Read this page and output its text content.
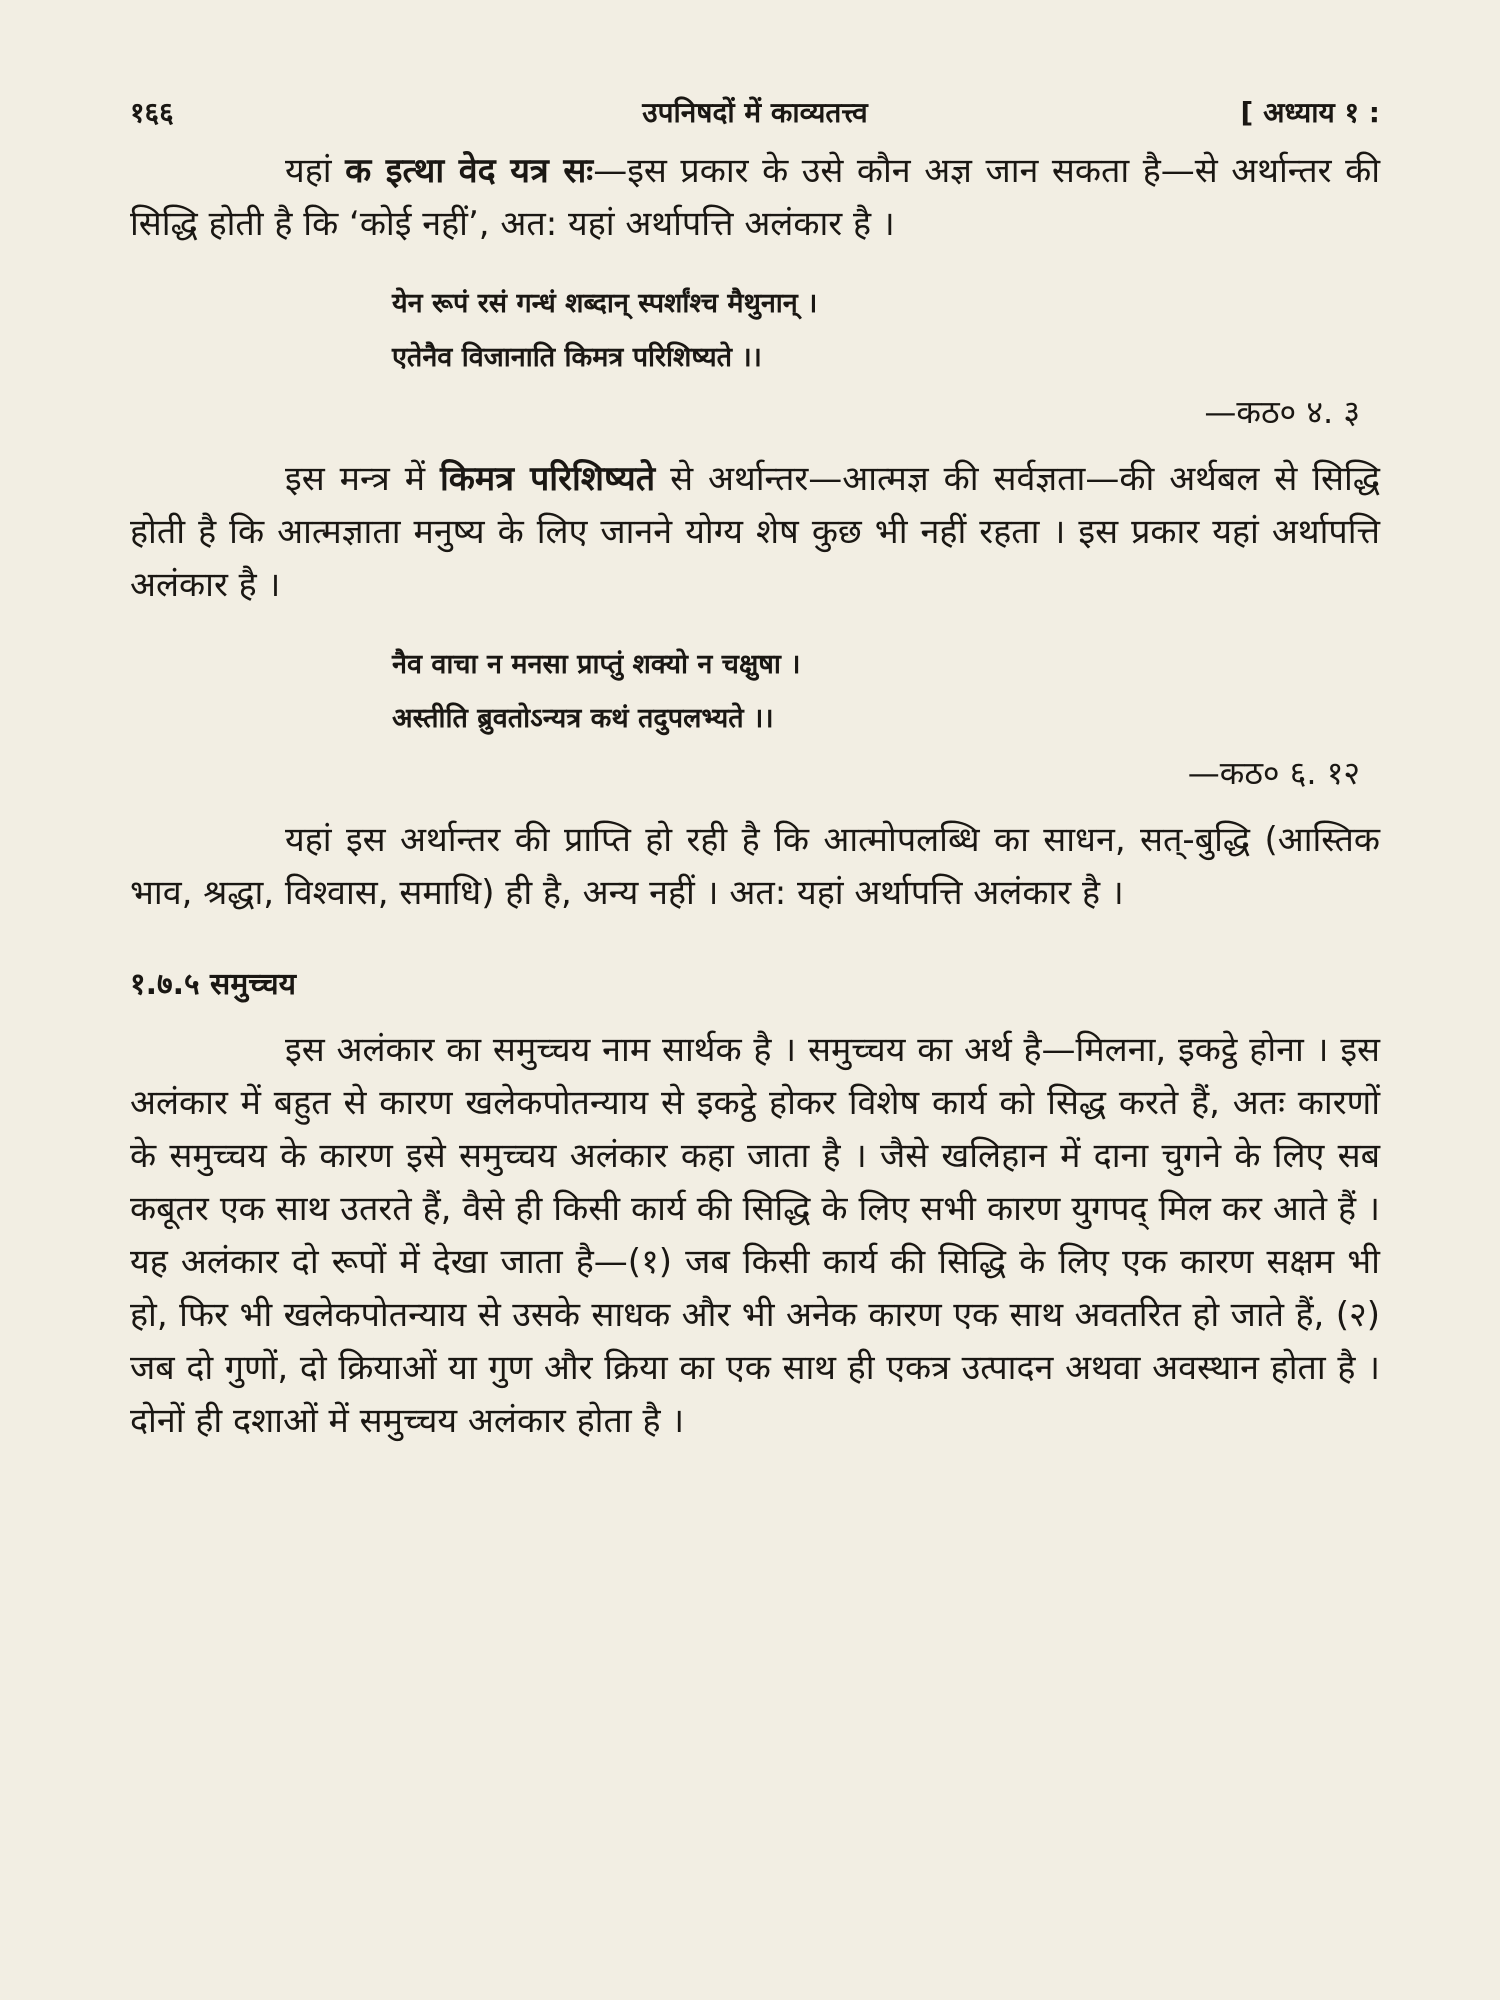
१६६	उपनिषदों में काव्यतत्त्व	[ अध्याय १ :

यहां क इत्था वेद यत्र सः—इस प्रकार के उसे कौन अज्ञ जान सकता है—से अर्थान्तर की सिद्धि होती है कि ‘कोई नहीं’, अत: यहां अर्थापत्ति अलंकार है ।

येन रूपं रसं गन्धं शब्दान् स्पर्शांश्च मैथुनान् ।
एतेनैव विजानाति किमत्र परिशिष्यते ।।
—कठ० ४. ३

इस मन्त्र में किमत्र परिशिष्यते से अर्थान्तर—आत्मज्ञ की सर्वज्ञता—की अर्थबल से सिद्धि होती है कि आत्मज्ञाता मनुष्य के लिए जानने योग्य शेष कुछ भी नहीं रहता । इस प्रकार यहां अर्थापत्ति अलंकार है ।

नैव वाचा न मनसा प्राप्तुं शक्यो न चक्षुषा ।
अस्तीति ब्रुवतोऽन्यत्र कथं तदुपलभ्यते ।।
—कठ० ६. १२

यहां इस अर्थान्तर की प्राप्ति हो रही है कि आत्मोपलब्धि का साधन, सत्-बुद्धि (आस्तिक भाव, श्रद्धा, विश्वास, समाधि) ही है, अन्य नहीं । अत: यहां अर्थापत्ति अलंकार है ।

१.७.५ समुच्चय

इस अलंकार का समुच्चय नाम सार्थक है । समुच्चय का अर्थ है—मिलना, इकट्ठे होना । इस अलंकार में बहुत से कारण खलेकपोतन्याय से इकट्ठे होकर विशेष कार्य को सिद्ध करते हैं, अतः कारणों के समुच्चय के कारण इसे समुच्चय अलंकार कहा जाता है । जैसे खलिहान में दाना चुगने के लिए सब कबूतर एक साथ उतरते हैं, वैसे ही किसी कार्य की सिद्धि के लिए सभी कारण युगपद् मिल कर आते हैं । यह अलंकार दो रूपों में देखा जाता है—(१) जब किसी कार्य की सिद्धि के लिए एक कारण सक्षम भी हो, फिर भी खलेकपोतन्याय से उसके साधक और भी अनेक कारण एक साथ अवतरित हो जाते हैं, (२) जब दो गुणों, दो क्रियाओं या गुण और क्रिया का एक साथ ही एकत्र उत्पादन अथवा अवस्थान होता है । दोनों ही दशाओं में समुच्चय अलंकार होता है ।
